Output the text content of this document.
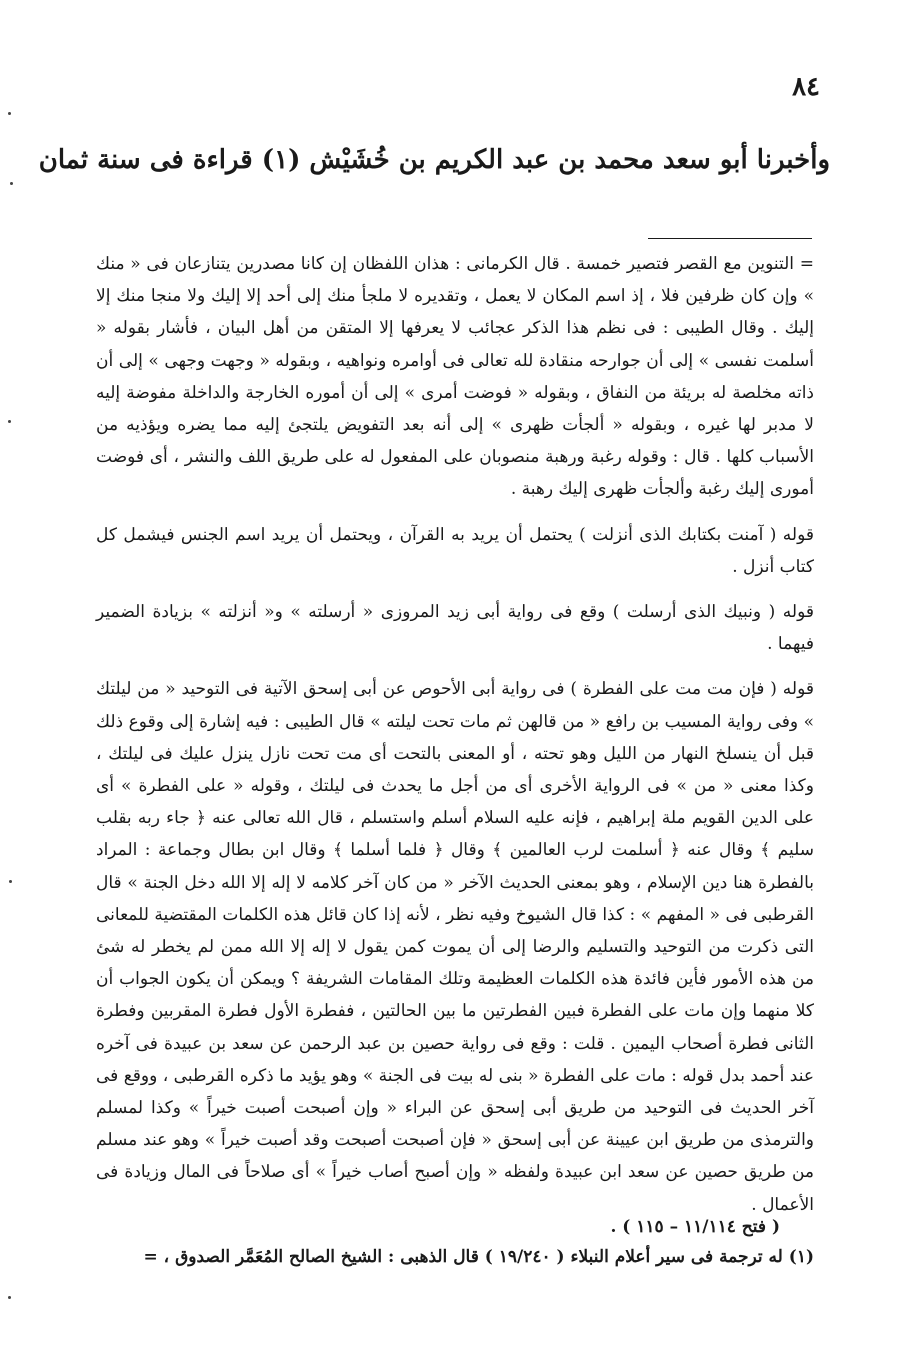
٨٤
وأخبرنا أبو سعد محمد بن عبد الكريم بن خُشَيْش (١) قراءة فى سنة ثمان

= التنوين مع القصر فتصير خمسة . قال الكرمانى : هذان اللفظان إن كانا مصدرين يتنازعان فى « منك » وإن كان ظرفين فلا ، إذ اسم المكان لا يعمل ، وتقديره لا ملجأ منك إلى أحد إلا إليك ولا منجا منك إلا إليك . وقال الطيبى : فى نظم هذا الذكر عجائب لا يعرفها إلا المتقن من أهل البيان ، فأشار بقوله « أسلمت نفسى » إلى أن جوارحه منقادة لله تعالى فى أوامره ونواهيه ، وبقوله « وجهت وجهى » إلى أن ذاته مخلصة له بريئة من النفاق ، وبقوله « فوضت أمرى » إلى أن أموره الخارجة والداخلة مفوضة إليه لا مدبر لها غيره ، وبقوله « ألجأت ظهرى » إلى أنه بعد التفويض يلتجئ إليه مما يضره ويؤذيه من الأسباب كلها . قال : وقوله رغبة ورهبة منصوبان على المفعول له على طريق اللف والنشر ، أى فوضت أمورى إليك رغبة وألجأت ظهرى إليك رهبة .

قوله ( آمنت بكتابك الذى أنزلت ) يحتمل أن يريد به القرآن ، ويحتمل أن يريد اسم الجنس فيشمل كل كتاب أنزل .

قوله ( ونبيك الذى أرسلت ) وقع فى رواية أبى زيد المروزى « أرسلته » و« أنزلته » بزيادة الضمير فيهما .

قوله ( فإن مت مت على الفطرة ) فى رواية أبى الأحوص عن أبى إسحق الآتية فى التوحيد « من ليلتك » وفى رواية المسيب بن رافع « من قالهن ثم مات تحت ليلته » قال الطيبى : فيه إشارة إلى وقوع ذلك قبل أن ينسلخ النهار من الليل وهو تحته ، أو المعنى بالتحت أى مت تحت نازل ينزل عليك فى ليلتك ، وكذا معنى « من » فى الرواية الأخرى أى من أجل ما يحدث فى ليلتك ، وقوله « على الفطرة » أى على الدين القويم ملة إبراهيم ، فإنه عليه السلام أسلم واستسلم ، قال الله تعالى عنه ﴿ جاء ربه بقلب سليم ﴾ وقال عنه ﴿ أسلمت لرب العالمين ﴾ وقال ﴿ فلما أسلما ﴾ وقال ابن بطال وجماعة : المراد بالفطرة هنا دين الإسلام ، وهو بمعنى الحديث الآخر « من كان آخر كلامه لا إله إلا الله دخل الجنة » قال القرطبى فى « المفهم » : كذا قال الشيوخ وفيه نظر ، لأنه إذا كان قائل هذه الكلمات المقتضية للمعانى التى ذكرت من التوحيد والتسليم والرضا إلى أن يموت كمن يقول لا إله إلا الله ممن لم يخطر له شئ من هذه الأمور فأين فائدة هذه الكلمات العظيمة وتلك المقامات الشريفة ؟ ويمكن أن يكون الجواب أن كلا منهما وإن مات على الفطرة فبين الفطرتين ما بين الحالتين ، ففطرة الأول فطرة المقربين وفطرة الثانى فطرة أصحاب اليمين . قلت : وقع فى رواية حصين بن عبد الرحمن عن سعد بن عبيدة فى آخره عند أحمد بدل قوله : مات على الفطرة « بنى له بيت فى الجنة » وهو يؤيد ما ذكره القرطبى ، ووقع فى آخر الحديث فى التوحيد من طريق أبى إسحق عن البراء « وإن أصبحت أصبت خيراً » وكذا لمسلم والترمذى من طريق ابن عيينة عن أبى إسحق « فإن أصبحت أصبحت وقد أصبت خيراً » وهو عند مسلم من طريق حصين عن سعد ابن عبيدة ولفظه « وإن أصبح أصاب خيراً » أى صلاحاً فى المال وزيادة فى الأعمال .

( فتح ١١/١١٤ – ١١٥ ) .
(١) له ترجمة فى سير أعلام النبلاء ( ١٩/٢٤٠ ) قال الذهبى : الشيخ الصالح المُعَمَّر الصدوق ، =
